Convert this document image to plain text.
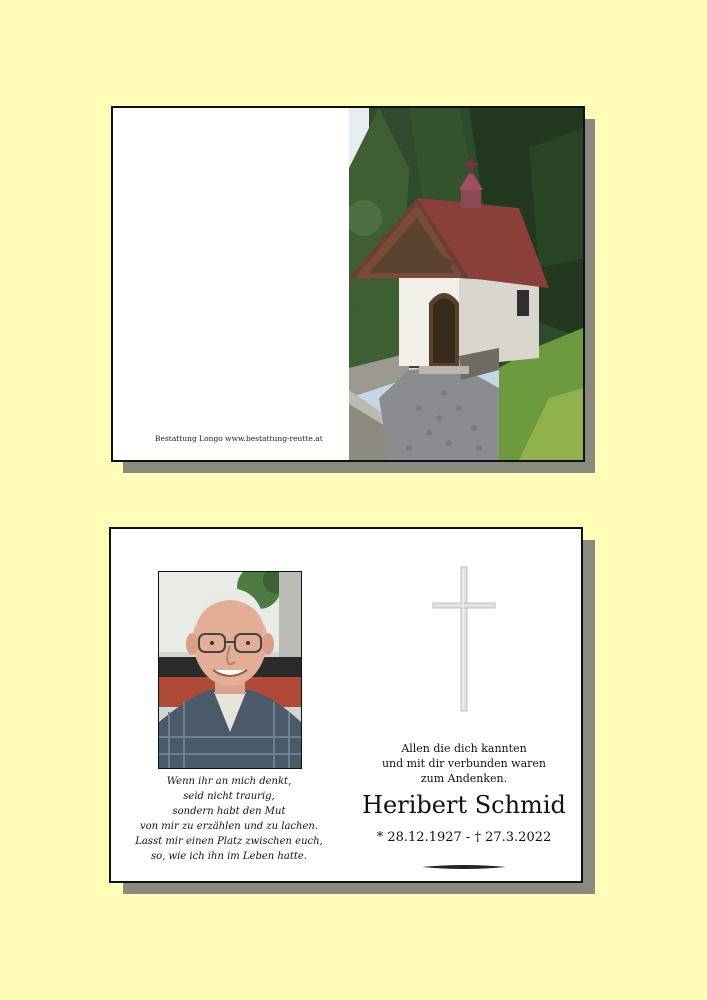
Bestattung Longo www.bestattung-reutte.at
Wenn ihr an mich denkt,
seid nicht traurig,
sondern habt den Mut
von mir zu erzählen und zu lachen.
Lasst mir einen Platz zwischen euch,
so, wie ich ihn im Leben hatte.
Allen die dich kannten
und mit dir verbunden waren
zum Andenken.
Heribert Schmid
* 28.12.1927 - † 27.3.2022
